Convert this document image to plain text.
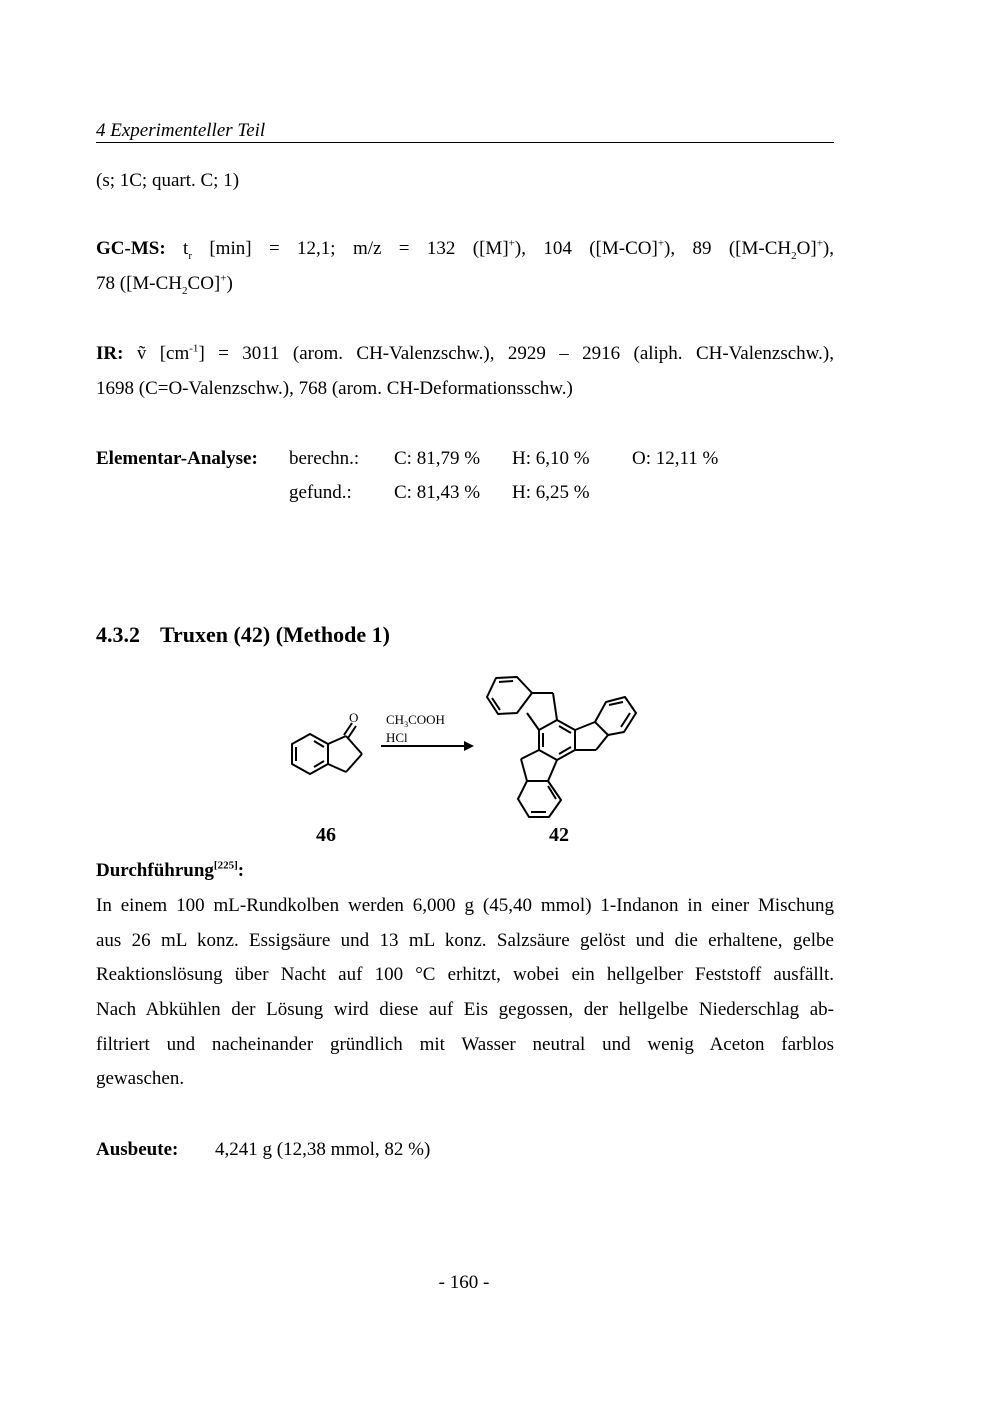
4 Experimenteller Teil
(s; 1C; quart. C; 1)
GC-MS: $t_r$ [min] = 12,1; m/z = 132 ([M]+), 104 ([M-CO]+), 89 $([M-CH_2O]^+)$,
78 $([M-CH_2CO]^+)$
IR: ṽ $[cm^{-1}] = 3011$ (arom. CH-Valenzschw.), 2929 – 2916 (aliph. CH-Valenzschw.),
1698 (C=O-Valenzschw.), 768 (arom. CH-Deformationsschw.)
Elementar-Analyse: berechn.: C: 81,79 % H: 6,10 % O: 12,11 %
gefund.: C: 81,43 % H: 6,25 %
4.3.2 Truxen (42) (Methode 1)
O $CH_3COOH$
HCl
46	42
Durchführung[225]:
In einem 100 mL-Rundkolben werden 6,000 g (45,40 mmol) 1-Indanon in einer Mischung
aus 26 mL konz. Essigsäure und 13 mL konz. Salzsäure gelöst und die erhaltene, gelbe
Reaktionslösung über Nacht auf 100 °C erhitzt, wobei ein hellgelber Feststoff ausfällt.
Nach Abkühlen der Lösung wird diese auf Eis gegossen, der hellgelbe Niederschlag ab-
filtriert und nacheinander gründlich mit Wasser neutral und wenig Aceton farblos
gewaschen.
Ausbeute: 4,241 g (12,38 mmol, 82 %)
- 160 -
